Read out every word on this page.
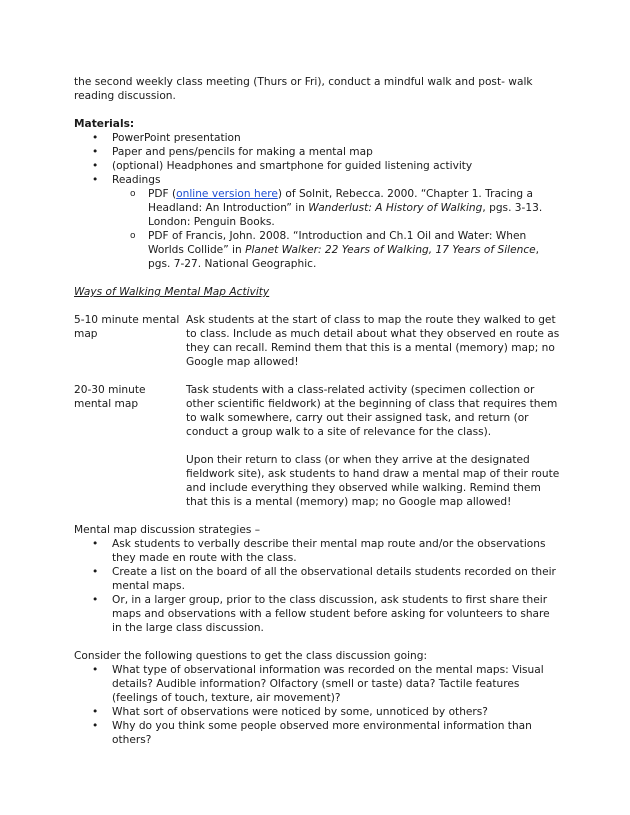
the second weekly class meeting (Thurs or Fri), conduct a mindful walk and post- walk reading discussion.

Materials:

• PowerPoint presentation
• Paper and pens/pencils for making a mental map
• (optional) Headphones and smartphone for guided listening activity
• Readings
o PDF (online version here) of Solnit, Rebecca. 2000. “Chapter 1. Tracing a Headland: An Introduction” in Wanderlust: A History of Walking, pgs. 3-13. London: Penguin Books.
o PDF of Francis, John. 2008. “Introduction and Ch.1 Oil and Water: When Worlds Collide” in Planet Walker: 22 Years of Walking, 17 Years of Silence, pgs. 7-27. National Geographic.

Ways of Walking Mental Map Activity

5-10 minute mental map

Ask students at the start of class to map the route they walked to get to class. Include as much detail about what they observed en route as they can recall. Remind them that this is a mental (memory) map; no Google map allowed!

20-30 minute mental map

Task students with a class-related activity (specimen collection or other scientific fieldwork) at the beginning of class that requires them to walk somewhere, carry out their assigned task, and return (or conduct a group walk to a site of relevance for the class).

Upon their return to class (or when they arrive at the designated fieldwork site), ask students to hand draw a mental map of their route and include everything they observed while walking. Remind them that this is a mental (memory) map; no Google map allowed!

Mental map discussion strategies –

• Ask students to verbally describe their mental map route and/or the observations they made en route with the class.
• Create a list on the board of all the observational details students recorded on their mental maps.
• Or, in a larger group, prior to the class discussion, ask students to first share their maps and observations with a fellow student before asking for volunteers to share in the large class discussion.

Consider the following questions to get the class discussion going:

• What type of observational information was recorded on the mental maps: Visual details? Audible information? Olfactory (smell or taste) data? Tactile features (feelings of touch, texture, air movement)?
• What sort of observations were noticed by some, unnoticed by others?
• Why do you think some people observed more environmental information than others?
